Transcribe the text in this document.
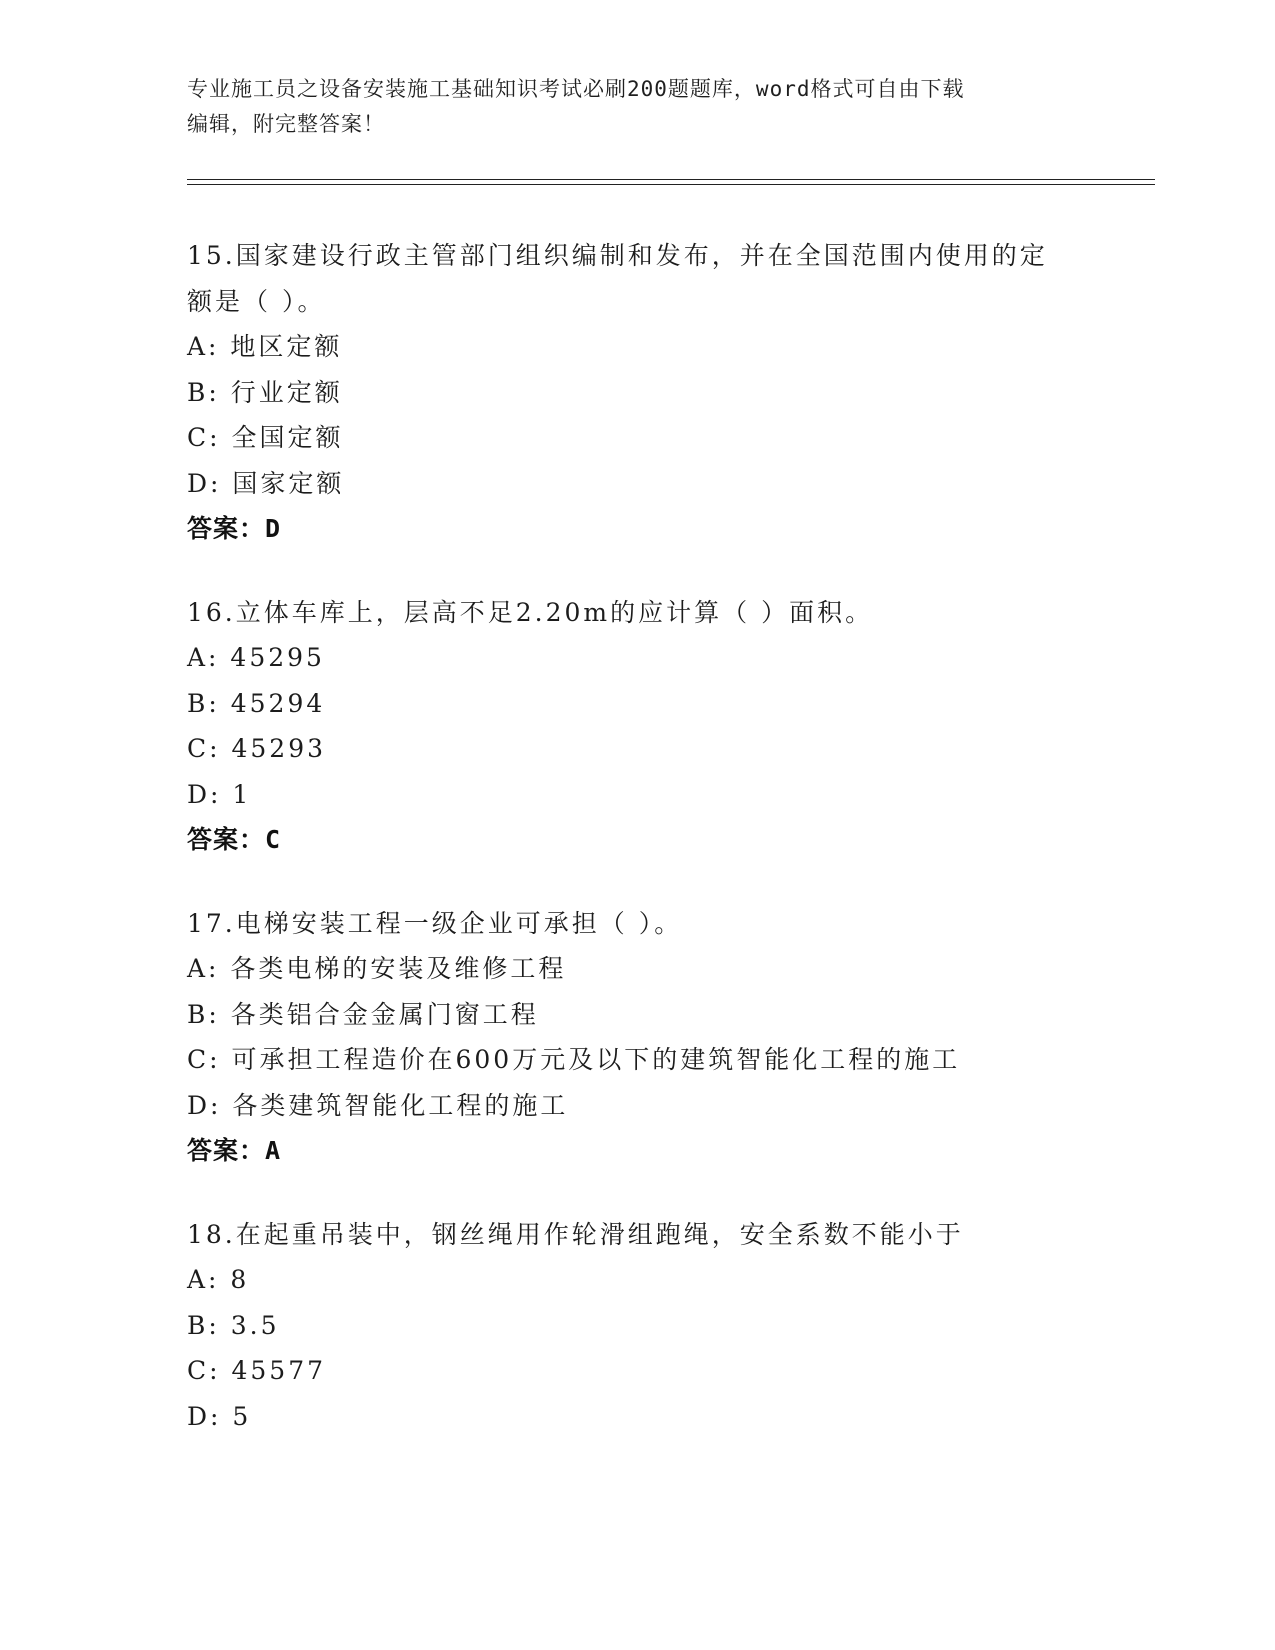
专业施工员之设备安装施工基础知识考试必刷200题题库，word格式可自由下载
编辑，附完整答案！
15.国家建设行政主管部门组织编制和发布，并在全国范围内使用的定
额是（ ）。
A: 地区定额
B: 行业定额
C: 全国定额
D: 国家定额
答案：D
16.立体车库上，层高不足2.20m的应计算（ ）面积。
A: 45295
B: 45294
C: 45293
D: 1
答案：C
17.电梯安装工程一级企业可承担（ ）。
A: 各类电梯的安装及维修工程
B: 各类铝合金金属门窗工程
C: 可承担工程造价在600万元及以下的建筑智能化工程的施工
D: 各类建筑智能化工程的施工
答案：A
18.在起重吊装中，钢丝绳用作轮滑组跑绳，安全系数不能小于
A: 8
B: 3.5
C: 45577
D: 5
